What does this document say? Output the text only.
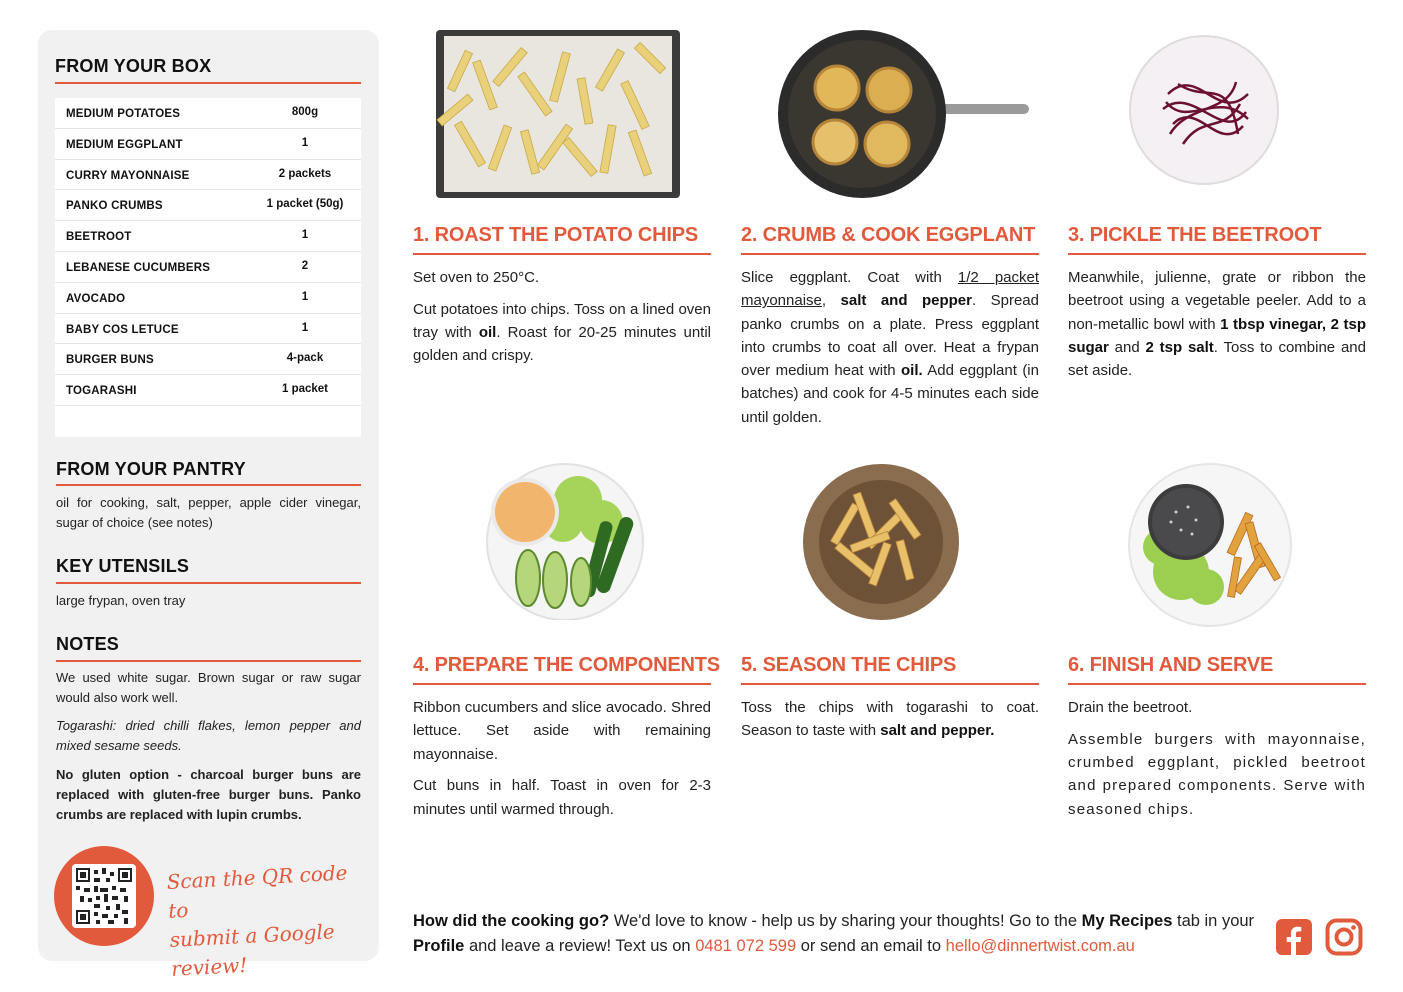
FROM YOUR BOX
MEDIUM POTATOES	800g
MEDIUM EGGPLANT	1
CURRY MAYONNAISE	2 packets
PANKO CRUMBS	1 packet (50g)
BEETROOT	1
LEBANESE CUCUMBERS	2
AVOCADO	1
BABY COS LETUCE	1
BURGER BUNS	4-pack
TOGARASHI	1 packet
FROM YOUR PANTRY
oil for cooking, salt, pepper, apple cider vinegar, sugar of choice (see notes)
KEY UTENSILS
large frypan, oven tray
NOTES
We used white sugar. Brown sugar or raw sugar would also work well.
Togarashi: dried chilli flakes, lemon pepper and mixed sesame seeds.
No gluten option - charcoal burger buns are replaced with gluten-free burger buns. Panko crumbs are replaced with lupin crumbs.
Scan the QR code to
submit a Google review!
1. ROAST THE POTATO CHIPS

Set oven to 250°C.

Cut potatoes into chips. Toss on a lined oven tray with oil. Roast for 20-25 minutes until golden and crispy.

2. CRUMB & COOK EGGPLANT

Slice eggplant. Coat with 1/2 packet mayonnaise, salt and pepper. Spread panko crumbs on a plate. Press eggplant into crumbs to coat all over. Heat a frypan over medium heat with oil. Add eggplant (in batches) and cook for 4-5 minutes each side until golden.

3. PICKLE THE BEETROOT

Meanwhile, julienne, grate or ribbon the beetroot using a vegetable peeler. Add to a non-metallic bowl with 1 tbsp vinegar, 2 tsp sugar and 2 tsp salt. Toss to combine and set aside.

4. PREPARE THE COMPONENTS

Ribbon cucumbers and slice avocado. Shred lettuce. Set aside with remaining mayonnaise.

Cut buns in half. Toast in oven for 2-3 minutes until warmed through.

5. SEASON THE CHIPS

Toss the chips with togarashi to coat. Season to taste with salt and pepper.

6. FINISH AND SERVE

Drain the beetroot.

Assemble burgers with mayonnaise, crumbed eggplant, pickled beetroot and prepared components. Serve with seasoned chips.

How did the cooking go? We'd love to know - help us by sharing your thoughts! Go to the My Recipes tab in your Profile and leave a review! Text us on 0481 072 599 or send an email to hello@dinnertwist.com.au
